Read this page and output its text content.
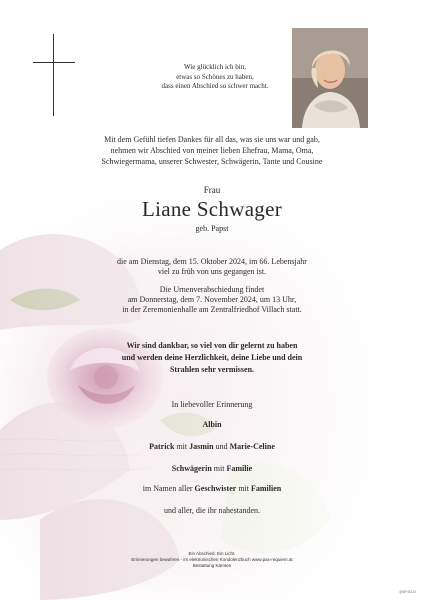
Wie glücklich ich bin,
etwas so Schönes zu haben,
dass einen Abschied so schwer macht.
Mit dem Gefühl tiefen Dankes für all das, was sie uns war und gab,
nehmen wir Abschied von meiner lieben Ehefrau, Mama, Oma,
Schwiegermama, unserer Schwester, Schwägerin, Tante und Cousine
Frau
Liane Schwager
geb. Papst
die am Dienstag, dem 15. Oktober 2024, im 66. Lebensjahr
viel zu früh von uns gegangen ist.
Die Urnenverabschiedung findet
am Donnerstag, dem 7. November 2024, um 13 Uhr,
in der Zeremonienhalle am Zentralfriedhof Villach statt.
Wir sind dankbar, so viel von dir gelernt zu haben
und werden deine Herzlichkeit, deine Liebe und dein
Strahlen sehr vermissen.
In liebevoller Erinnerung
Albin
Patrick mit Jasmin und Marie-Celine
Schwägerin mit Familie
im Namen aller Geschwister mit Familien
und aller, die ihr nahestanden.
Ein Abschied. Ein Licht.
Erinnerungen bewahren - im elektronischen Kondolenzbuch www.pax-requiem.at
Bestattung Kärnten
@BF/8224
